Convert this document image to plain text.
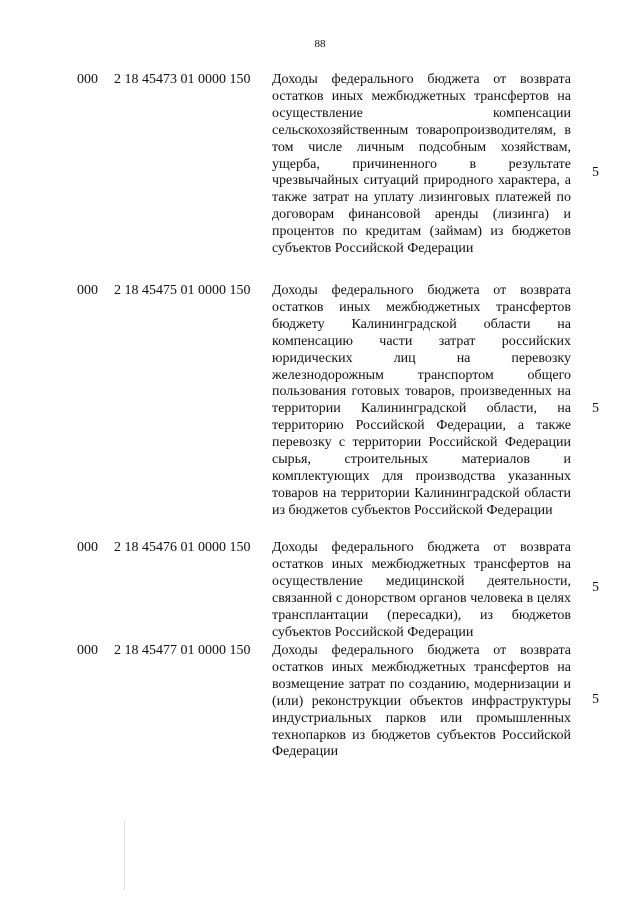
88
000 2 18 45473 01 0000 150 Доходы федерального бюджета от возврата остатков иных межбюджетных трансфертов на осуществление компенсации сельскохозяйственным товаропроизводителям, в том числе личным подсобным хозяйствам, ущерба, причиненного в результате чрезвычайных ситуаций природного характера, а также затрат на уплату лизинговых платежей по договорам финансовой аренды (лизинга) и процентов по кредитам (займам) из бюджетов субъектов Российской Федерации
5
000 2 18 45475 01 0000 150 Доходы федерального бюджета от возврата остатков иных межбюджетных трансфертов бюджету Калининградской области на компенсацию части затрат российских юридических лиц на перевозку железнодорожным транспортом общего пользования готовых товаров, произведенных на территории Калининградской области, на территорию Российской Федерации, а также перевозку с территории Российской Федерации сырья, строительных материалов и комплектующих для производства указанных товаров на территории Калининградской области из бюджетов субъектов Российской Федерации
5
000 2 18 45476 01 0000 150 Доходы федерального бюджета от возврата остатков иных межбюджетных трансфертов на осуществление медицинской деятельности, связанной с донорством органов человека в целях трансплантации (пересадки), из бюджетов субъектов Российской Федерации
5
000 2 18 45477 01 0000 150 Доходы федерального бюджета от возврата остатков иных межбюджетных трансфертов на возмещение затрат по созданию, модернизации и (или) реконструкции объектов инфраструктуры индустриальных парков или промышленных технопарков из бюджетов субъектов Российской Федерации
5
